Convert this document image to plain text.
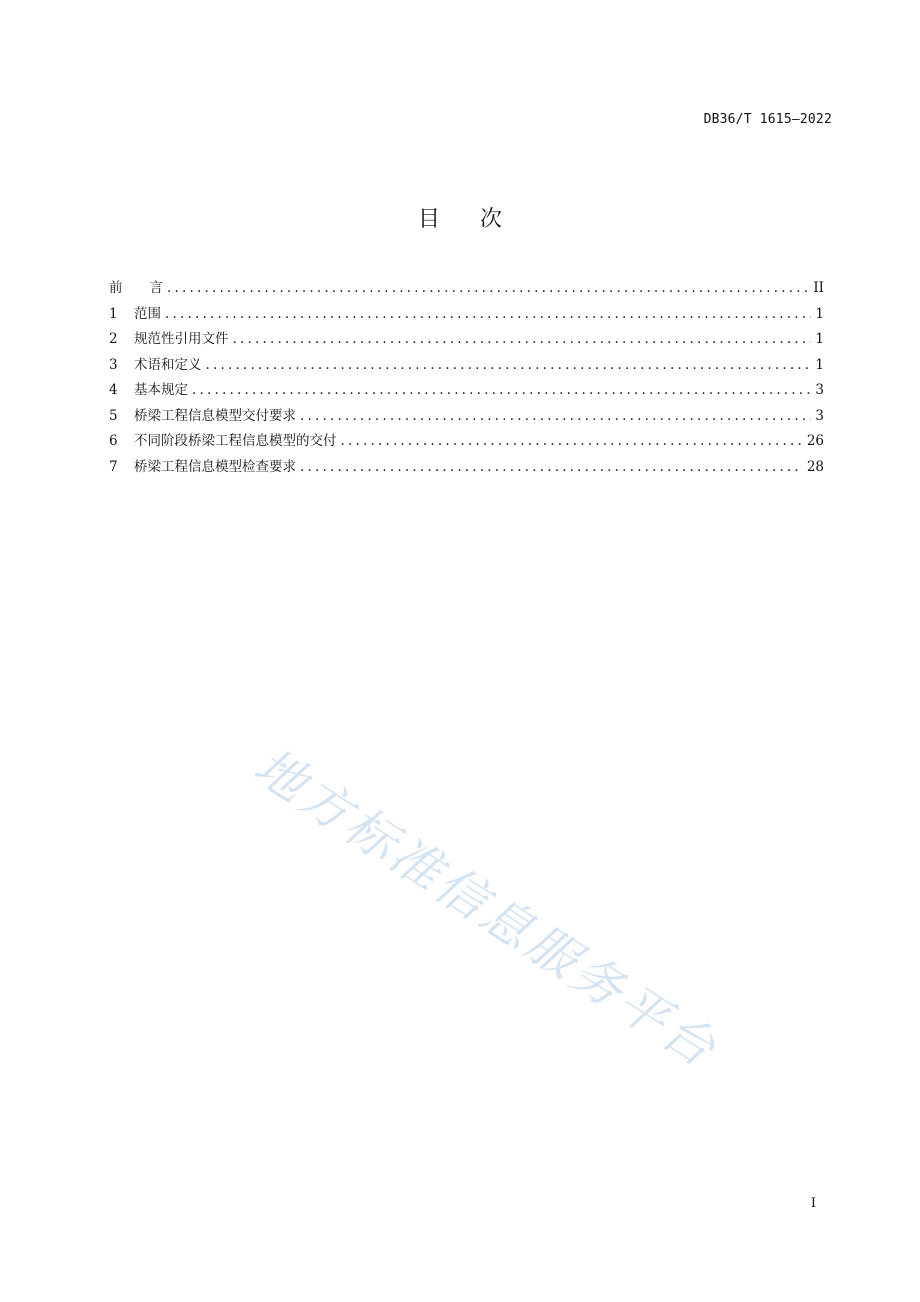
DB36/T 1615—2022
目 次
前 言 .....	II
1	范围 .....	1
2	规范性引用文件 .....	1
3	术语和定义 .....	1
4	基本规定 .....	3
5	桥梁工程信息模型交付要求 .....	3
6	不同阶段桥梁工程信息模型的交付 .....	26
7	桥梁工程信息模型检查要求 .....	28
地方标准信息服务平台
I
